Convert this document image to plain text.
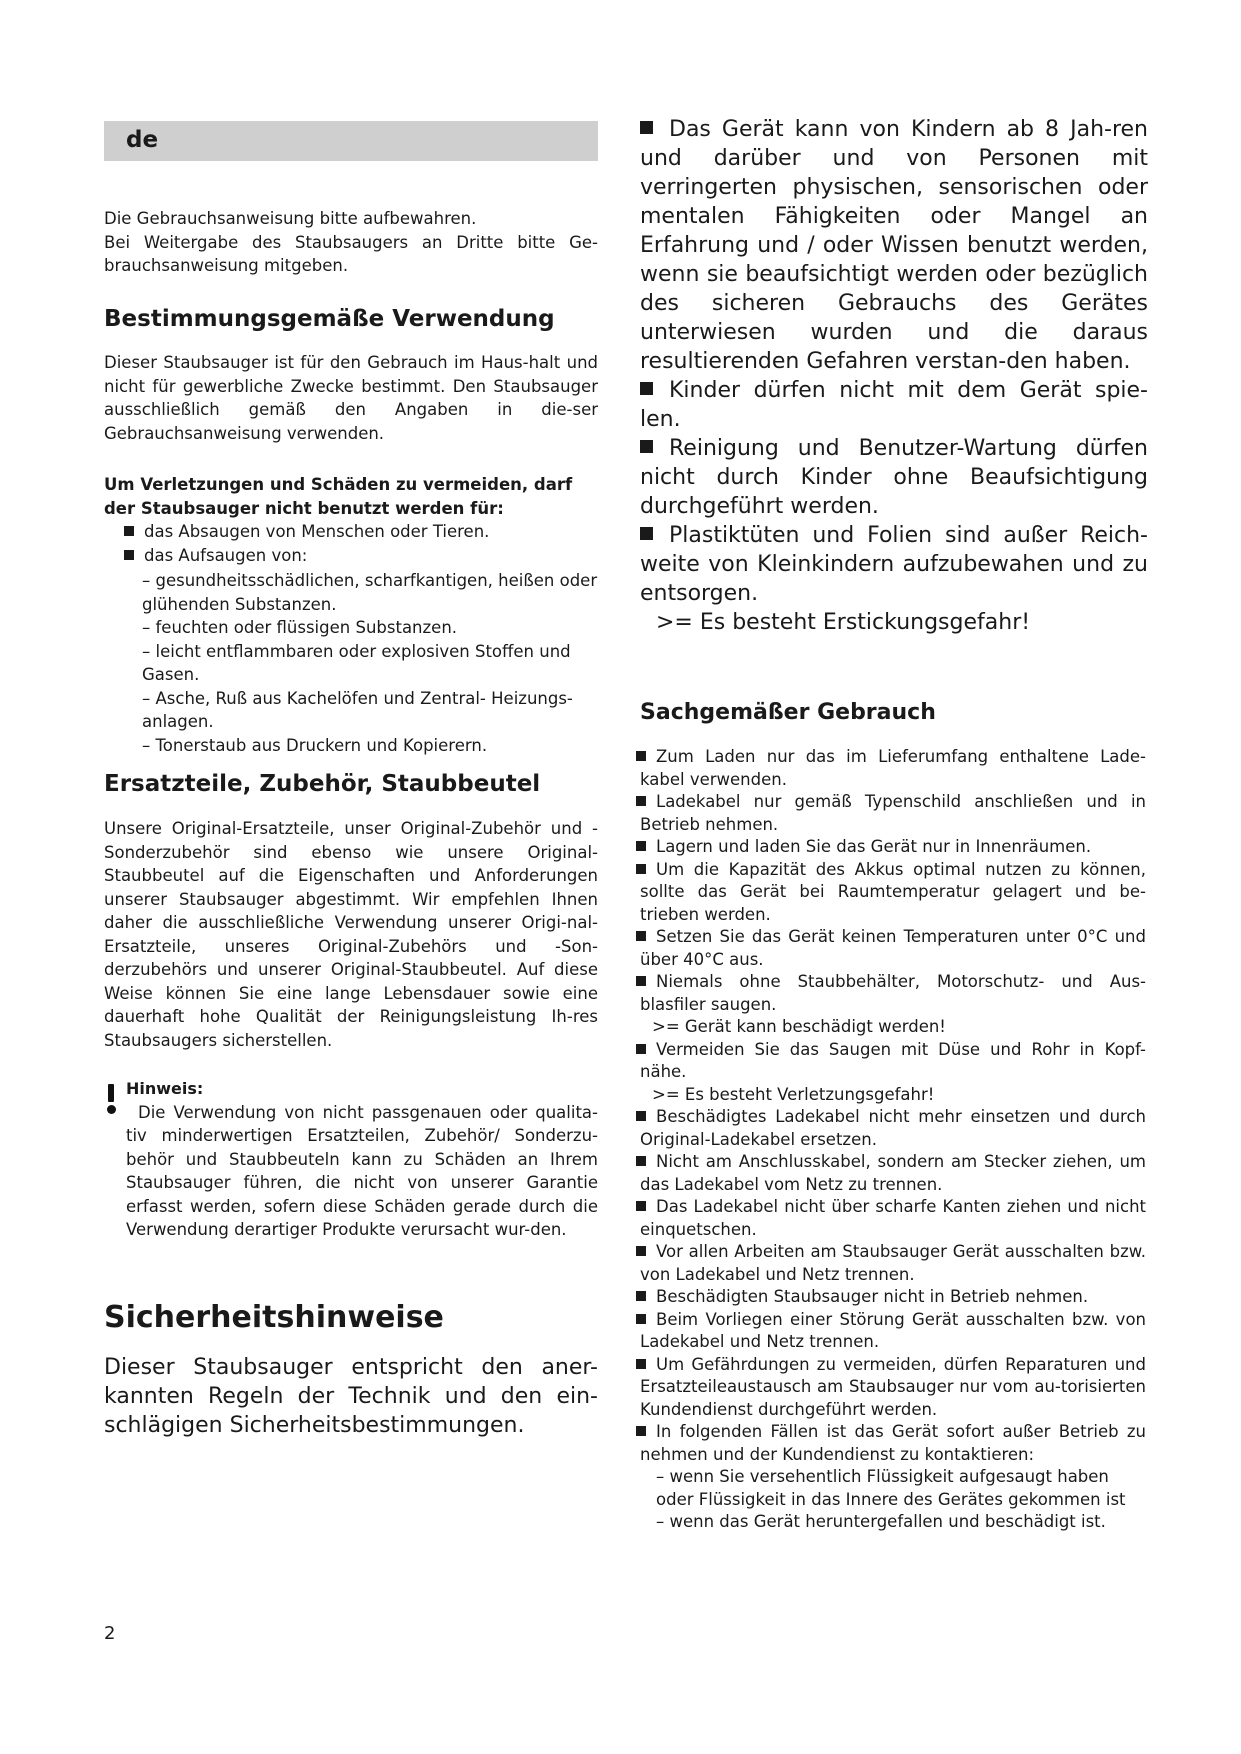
de

Die Gebrauchsanweisung bitte aufbewahren.

Bei Weitergabe des Staubsaugers an Dritte bitte Ge-brauchsanweisung mitgeben.

Bestimmungsgemäße Verwendung

Dieser Staubsauger ist für den Gebrauch im Haus-halt und nicht für gewerbliche Zwecke bestimmt. Den Staubsauger ausschließlich gemäß den Angaben in die-ser Gebrauchsanweisung verwenden.

Um Verletzungen und Schäden zu vermeiden, darf der Staubsauger nicht benutzt werden für:

das Absaugen von Menschen oder Tieren.
das Aufsaugen von:
– gesundheitsschädlichen, scharfkantigen, heißen oder glühenden Substanzen.
– feuchten oder flüssigen Substanzen.
– leicht entflammbaren oder explosiven Stoffen und Gasen.
– Asche, Ruß aus Kachelöfen und Zentral- Heizungs-anlagen.
– Tonerstaub aus Druckern und Kopierern.
Ersatzteile, Zubehör, Staubbeutel

Unsere Original-Ersatzteile, unser Original-Zubehör und -Sonderzubehör sind ebenso wie unsere Original-Staubbeutel auf die Eigenschaften und Anforderungen unserer Staubsauger abgestimmt. Wir empfehlen Ihnen daher die ausschließliche Verwendung unserer Origi-nal-Ersatzteile, unseres Original-Zubehörs und -Son-derzubehörs und unserer Original-Staubbeutel. Auf diese Weise können Sie eine lange Lebensdauer sowie eine dauerhaft hohe Qualität der Reinigungsleistung Ih-res Staubsaugers sicherstellen.

Hinweis:

Die Verwendung von nicht passgenauen oder qualita-tiv minderwertigen Ersatzteilen, Zubehör/ Sonderzu-behör und Staubbeuteln kann zu Schäden an Ihrem Staubsauger führen, die nicht von unserer Garantie erfasst werden, sofern diese Schäden gerade durch die Verwendung derartiger Produkte verursacht wur-den.

Sicherheitshinweise

Dieser Staubsauger entspricht den aner-kannten Regeln der Technik und den ein-schlägigen Sicherheitsbestimmungen.

Das Gerät kann von Kindern ab 8 Jah-ren und darüber und von Personen mit verringerten physischen, sensorischen oder mentalen Fähigkeiten oder Mangel an Erfahrung und / oder Wissen benutzt werden, wenn sie beaufsichtigt werden oder bezüglich des sicheren Gebrauchs des Gerätes unterwiesen wurden und die daraus resultierenden Gefahren verstan-den haben.

Kinder dürfen nicht mit dem Gerät spie-len.

Reinigung und Benutzer-Wartung dürfen nicht durch Kinder ohne Beaufsichtigung durchgeführt werden.

Plastiktüten und Folien sind außer Reich-weite von Kleinkindern aufzubewahen und zu entsorgen.

>= Es besteht Erstickungsgefahr!

Sachgemäßer Gebrauch
Zum Laden nur das im Lieferumfang enthaltene Lade-kabel verwenden.
Ladekabel nur gemäß Typenschild anschließen und in Betrieb nehmen.
Lagern und laden Sie das Gerät nur in Innenräumen.
Um die Kapazität des Akkus optimal nutzen zu können, sollte das Gerät bei Raumtemperatur gelagert und be-trieben werden.
Setzen Sie das Gerät keinen Temperaturen unter 0°C und über 40°C aus.
Niemals ohne Staubbehälter, Motorschutz- und Aus-blasfiler saugen.
>= Gerät kann beschädigt werden!
Vermeiden Sie das Saugen mit Düse und Rohr in Kopf-nähe.
>= Es besteht Verletzungsgefahr!
Beschädigtes Ladekabel nicht mehr einsetzen und durch Original-Ladekabel ersetzen.
Nicht am Anschlusskabel, sondern am Stecker ziehen, um das Ladekabel vom Netz zu trennen.
Das Ladekabel nicht über scharfe Kanten ziehen und nicht einquetschen.
Vor allen Arbeiten am Staubsauger Gerät ausschalten bzw. von Ladekabel und Netz trennen.
Beschädigten Staubsauger nicht in Betrieb nehmen.
Beim Vorliegen einer Störung Gerät ausschalten bzw. von Ladekabel und Netz trennen.
Um Gefährdungen zu vermeiden, dürfen Reparaturen und Ersatzteileaustausch am Staubsauger nur vom au-torisierten Kundendienst durchgeführt werden.
In folgenden Fällen ist das Gerät sofort außer Betrieb zu nehmen und der Kundendienst zu kontaktieren:
– wenn Sie versehentlich Flüssigkeit aufgesaugt haben oder Flüssigkeit in das Innere des Gerätes gekommen ist
– wenn das Gerät heruntergefallen und beschädigt ist.
2
